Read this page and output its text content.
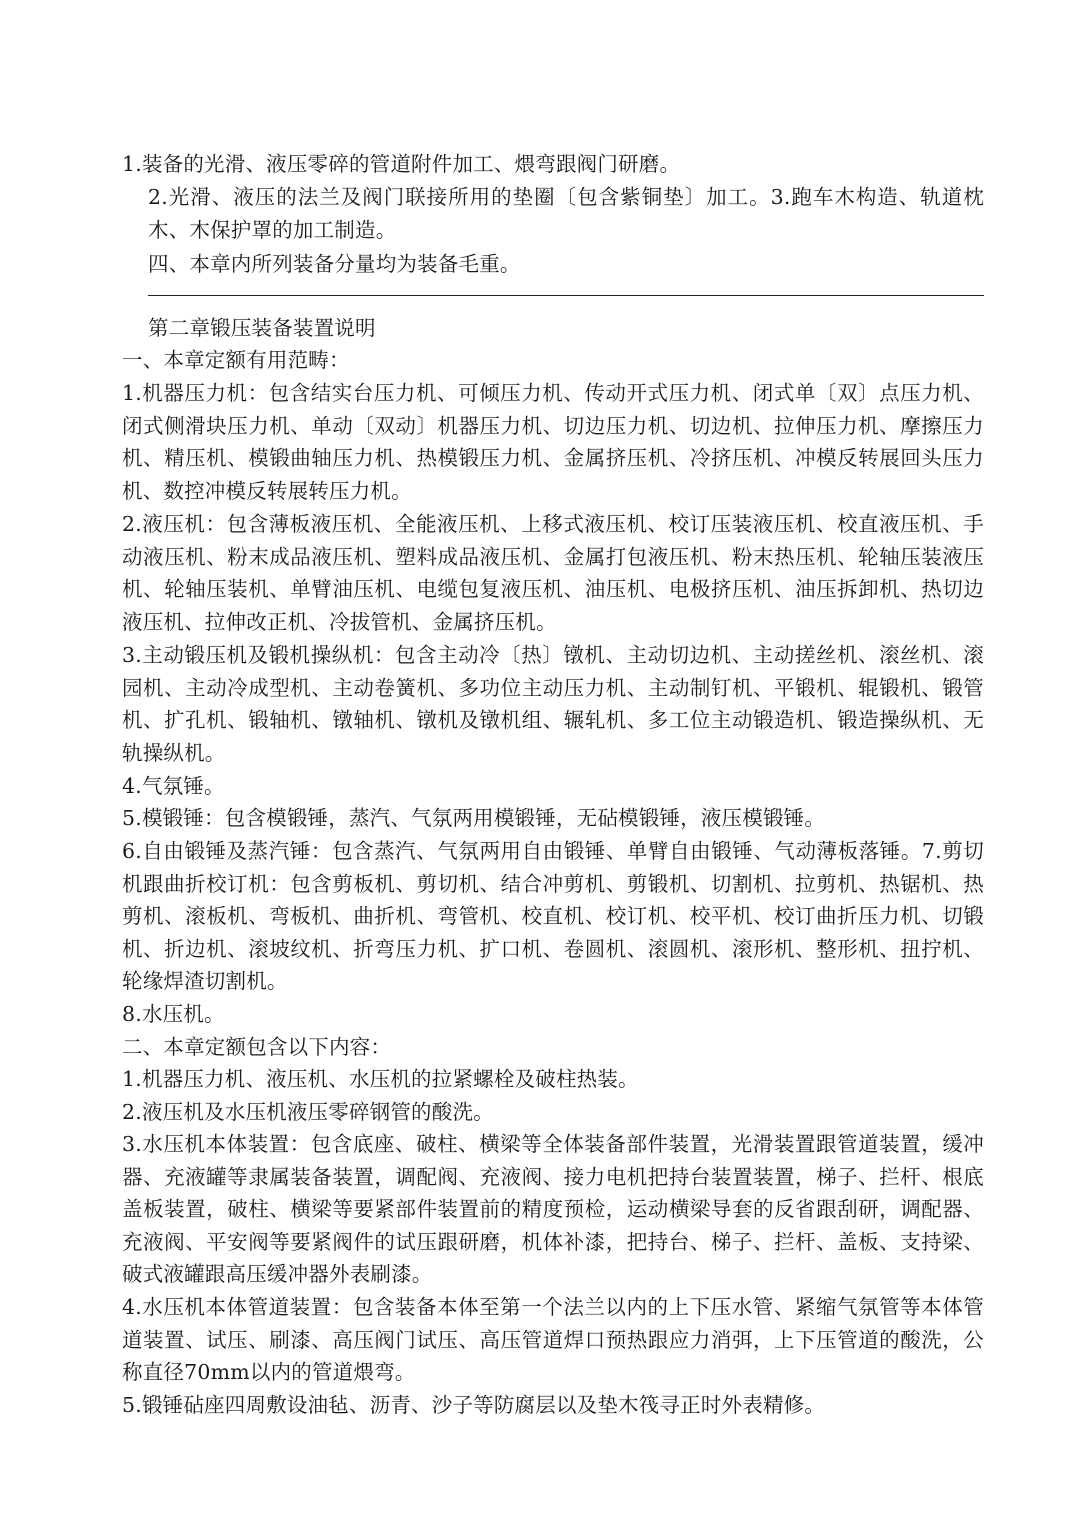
1.装备的光滑、液压零碎的管道附件加工、煨弯跟阀门研磨。

2.光滑、液压的法兰及阀门联接所用的垫圈〔包含紫铜垫〕加工。3.跑车木构造、轨道枕木、木保护罩的加工制造。

四、本章内所列装备分量均为装备毛重。

第二章锻压装备装置说明

一、本章定额有用范畴：

1.机器压力机：包含结实台压力机、可倾压力机、传动开式压力机、闭式单〔双〕点压力机、闭式侧滑块压力机、单动〔双动〕机器压力机、切边压力机、切边机、拉伸压力机、摩擦压力机、精压机、模锻曲轴压力机、热模锻压力机、金属挤压机、冷挤压机、冲模反转展回头压力机、数控冲模反转展转压力机。

2.液压机：包含薄板液压机、全能液压机、上移式液压机、校订压装液压机、校直液压机、手动液压机、粉末成品液压机、塑料成品液压机、金属打包液压机、粉末热压机、轮轴压装液压机、轮轴压装机、单臂油压机、电缆包复液压机、油压机、电极挤压机、油压拆卸机、热切边液压机、拉伸改正机、冷拔管机、金属挤压机。

3.主动锻压机及锻机操纵机：包含主动冷〔热〕镦机、主动切边机、主动搓丝机、滚丝机、滚园机、主动冷成型机、主动卷簧机、多功位主动压力机、主动制钉机、平锻机、辊锻机、锻管机、扩孔机、锻轴机、镦轴机、镦机及镦机组、辗轧机、多工位主动锻造机、锻造操纵机、无轨操纵机。

4.气氛锤。

5.模锻锤：包含模锻锤，蒸汽、气氛两用模锻锤，无砧模锻锤，液压模锻锤。

6.自由锻锤及蒸汽锤：包含蒸汽、气氛两用自由锻锤、单臂自由锻锤、气动薄板落锤。7.剪切机跟曲折校订机：包含剪板机、剪切机、结合冲剪机、剪锻机、切割机、拉剪机、热锯机、热剪机、滚板机、弯板机、曲折机、弯管机、校直机、校订机、校平机、校订曲折压力机、切锻机、折边机、滚坡纹机、折弯压力机、扩口机、卷圆机、滚圆机、滚形机、整形机、扭拧机、轮缘焊渣切割机。

8.水压机。

二、本章定额包含以下内容：

1.机器压力机、液压机、水压机的拉紧螺栓及破柱热装。

2.液压机及水压机液压零碎钢管的酸洗。

3.水压机本体装置：包含底座、破柱、横梁等全体装备部件装置，光滑装置跟管道装置，缓冲器、充液罐等隶属装备装置，调配阀、充液阀、接力电机把持台装置装置，梯子、拦杆、根底盖板装置，破柱、横梁等要紧部件装置前的精度预检，运动横梁导套的反省跟刮研，调配器、充液阀、平安阀等要紧阀件的试压跟研磨，机体补漆，把持台、梯子、拦杆、盖板、支持梁、破式液罐跟高压缓冲器外表刷漆。

4.水压机本体管道装置：包含装备本体至第一个法兰以内的上下压水管、紧缩气氛管等本体管道装置、试压、刷漆、高压阀门试压、高压管道焊口预热跟应力消弭，上下压管道的酸洗，公称直径70mm以内的管道煨弯。

5.锻锤砧座四周敷设油毡、沥青、沙子等防腐层以及垫木筏寻正时外表精修。
